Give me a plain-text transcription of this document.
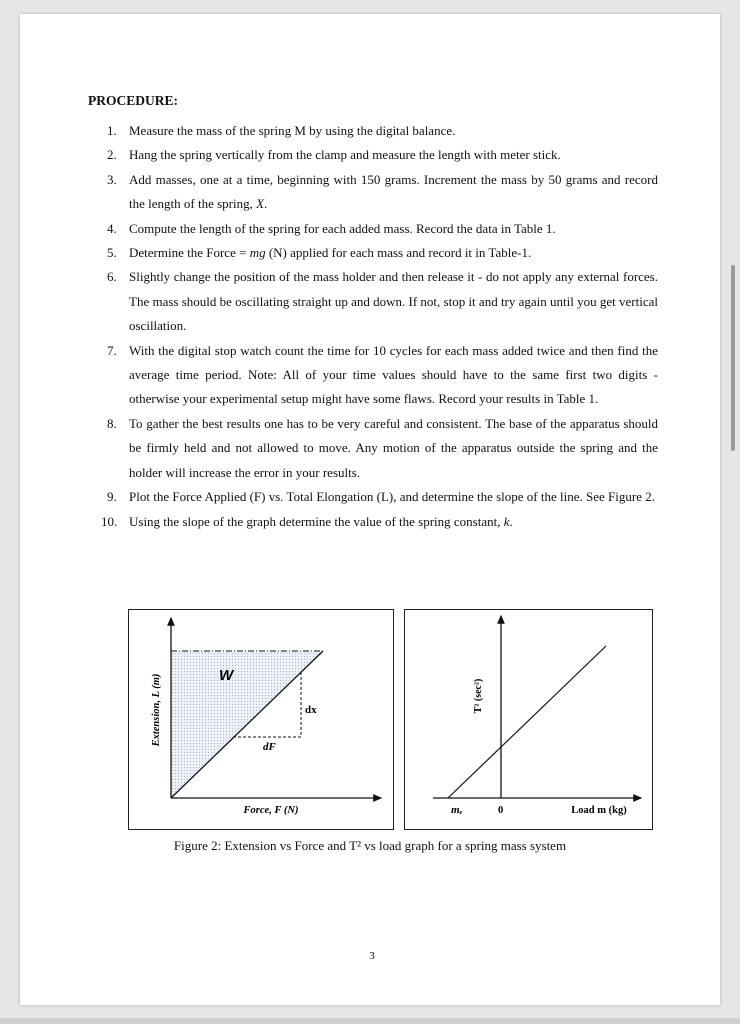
PROCEDURE:
1. Measure the mass of the spring M by using the digital balance.
2. Hang the spring vertically from the clamp and measure the length with meter stick.
3. Add masses, one at a time, beginning with 150 grams. Increment the mass by 50 grams and record the length of the spring, X.
4. Compute the length of the spring for each added mass. Record the data in Table 1.
5. Determine the Force = mg (N) applied for each mass and record it in Table-1.
6. Slightly change the position of the mass holder and then release it - do not apply any external forces. The mass should be oscillating straight up and down. If not, stop it and try again until you get vertical oscillation.
7. With the digital stop watch count the time for 10 cycles for each mass added twice and then find the average time period. Note: All of your time values should have to the same first two digits - otherwise your experimental setup might have some flaws. Record your results in Table 1.
8. To gather the best results one has to be very careful and consistent. The base of the apparatus should be firmly held and not allowed to move. Any motion of the apparatus outside the spring and the holder will increase the error in your results.
9. Plot the Force Applied (F) vs. Total Elongation (L), and determine the slope of the line. See Figure 2.
10. Using the slope of the graph determine the value of the spring constant, k.
W
dx
dF
Force, F (N)
Extension, L (m)
mₑ	0	Load m (kg)
T² (sec²)
Figure 2: Extension vs Force and T² vs load graph for a spring mass system
3
